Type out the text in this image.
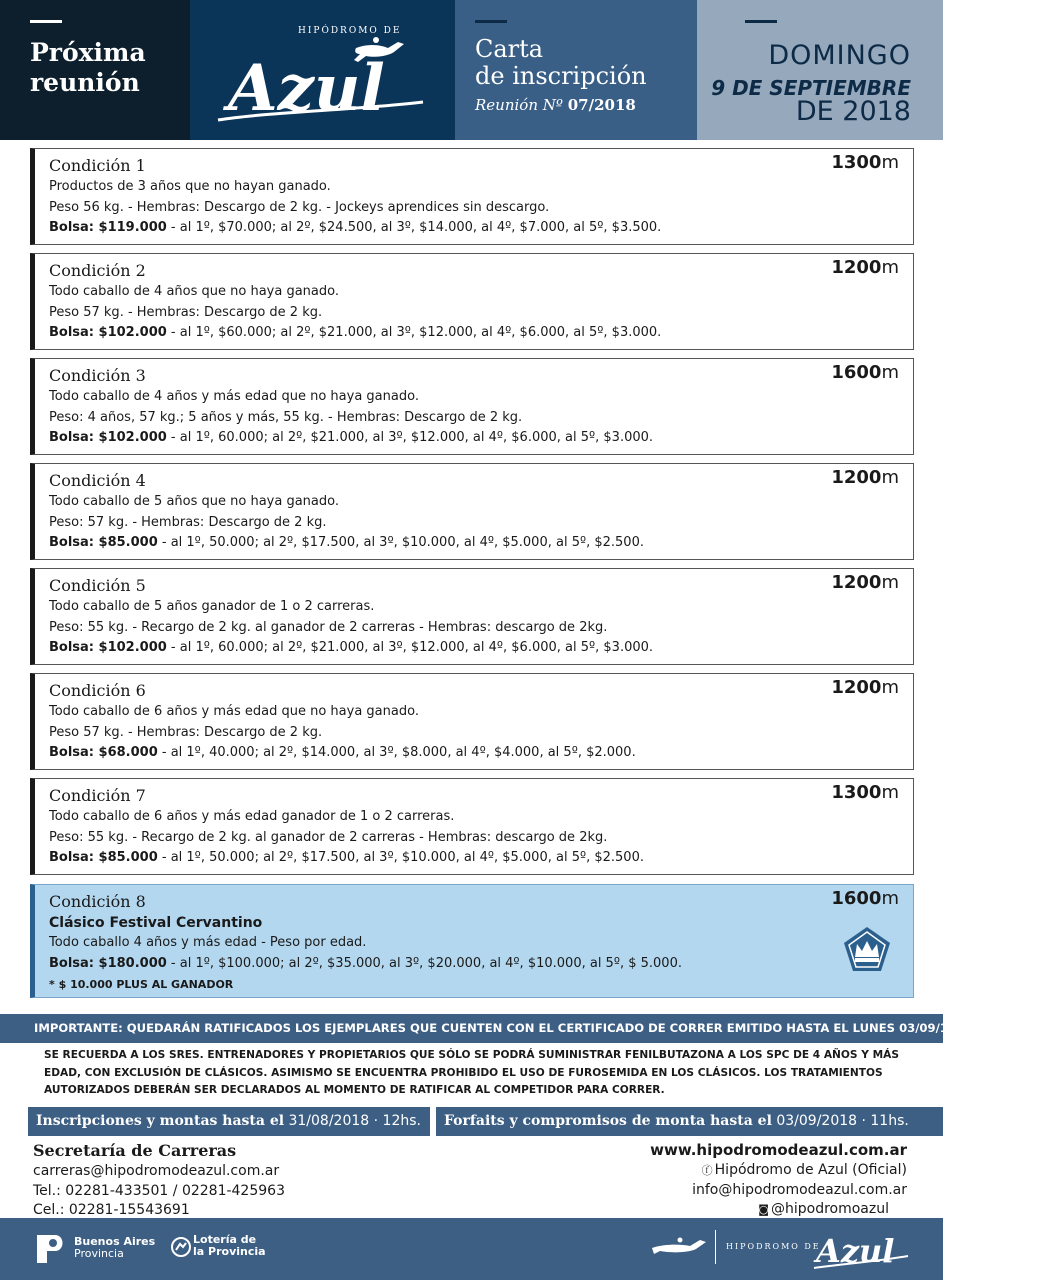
Próxima
reunión
HIPÓDROMO DE
Azul
Carta
de inscripción
Reunión Nº 07/2018
DOMINGO
9 DE SEPTIEMBRE
DE 2018
Condición 1	1300m
Productos de 3 años que no hayan ganado.
Peso 56 kg. - Hembras: Descargo de 2 kg. - Jockeys aprendices sin descargo.
Bolsa: $119.000 - al 1º, $70.000; al 2º, $24.500, al 3º, $14.000, al 4º, $7.000, al 5º, $3.500.
Condición 2	1200m
Todo caballo de 4 años que no haya ganado.
Peso 57 kg. - Hembras: Descargo de 2 kg.
Bolsa: $102.000 - al 1º, $60.000; al 2º, $21.000, al 3º, $12.000, al 4º, $6.000, al 5º, $3.000.
Condición 3	1600m
Todo caballo de 4 años y más edad que no haya ganado.
Peso: 4 años, 57 kg.; 5 años y más, 55 kg. - Hembras: Descargo de 2 kg.
Bolsa: $102.000 - al 1º, 60.000; al 2º, $21.000, al 3º, $12.000, al 4º, $6.000, al 5º, $3.000.
Condición 4	1200m
Todo caballo de 5 años que no haya ganado.
Peso: 57 kg. - Hembras: Descargo de 2 kg.
Bolsa: $85.000 - al 1º, 50.000; al 2º, $17.500, al 3º, $10.000, al 4º, $5.000, al 5º, $2.500.
Condición 5	1200m
Todo caballo de 5 años ganador de 1 o 2 carreras.
Peso: 55 kg. - Recargo de 2 kg. al ganador de 2 carreras - Hembras: descargo de 2kg.
Bolsa: $102.000 - al 1º, 60.000; al 2º, $21.000, al 3º, $12.000, al 4º, $6.000, al 5º, $3.000.
Condición 6	1200m
Todo caballo de 6 años y más edad que no haya ganado.
Peso 57 kg. - Hembras: Descargo de 2 kg.
Bolsa: $68.000 - al 1º, 40.000; al 2º, $14.000, al 3º, $8.000, al 4º, $4.000, al 5º, $2.000.
Condición 7	1300m
Todo caballo de 6 años y más edad ganador de 1 o 2 carreras.
Peso: 55 kg. - Recargo de 2 kg. al ganador de 2 carreras - Hembras: descargo de 2kg.
Bolsa: $85.000 - al 1º, 50.000; al 2º, $17.500, al 3º, $10.000, al 4º, $5.000, al 5º, $2.500.
Condición 8	1600m
Clásico Festival Cervantino
Todo caballo 4 años y más edad - Peso por edad.
Bolsa: $180.000 - al 1º, $100.000; al 2º, $35.000, al 3º, $20.000, al 4º, $10.000, al 5º, $ 5.000.
* $ 10.000 PLUS AL GANADOR
IMPORTANTE: QUEDARÁN RATIFICADOS LOS EJEMPLARES QUE CUENTEN CON EL CERTIFICADO DE CORRER EMITIDO HASTA EL LUNES 03/09/18, A LAS 12 HS.
SE RECUERDA A LOS SRES. ENTRENADORES Y PROPIETARIOS QUE SÓLO SE PODRÁ SUMINISTRAR FENILBUTAZONA A LOS SPC DE 4 AÑOS Y MÁS EDAD, CON EXCLUSIÓN DE CLÁSICOS. ASIMISMO SE ENCUENTRA PROHIBIDO EL USO DE FUROSEMIDA EN LOS CLÁSICOS. LOS TRATAMIENTOS AUTORIZADOS DEBERÁN SER DECLARADOS AL MOMENTO DE RATIFICAR AL COMPETIDOR PARA CORRER.
Inscripciones y montas hasta el 31/08/2018 · 12hs.	Forfaits y compromisos de monta hasta el 03/09/2018 · 11hs.
Secretaría de Carreras
carreras@hipodromodeazul.com.ar
Tel.: 02281-433501 / 02281-425963
Cel.: 02281-15543691
www.hipodromodeazul.com.ar
ⓕ Hipódromo de Azul (Oficial)
info@hipodromodeazul.com.ar
◙ @hipodromoazul
Buenos Aires
Provincia
Lotería de
la Provincia	HIPODROMO DE
Azul
